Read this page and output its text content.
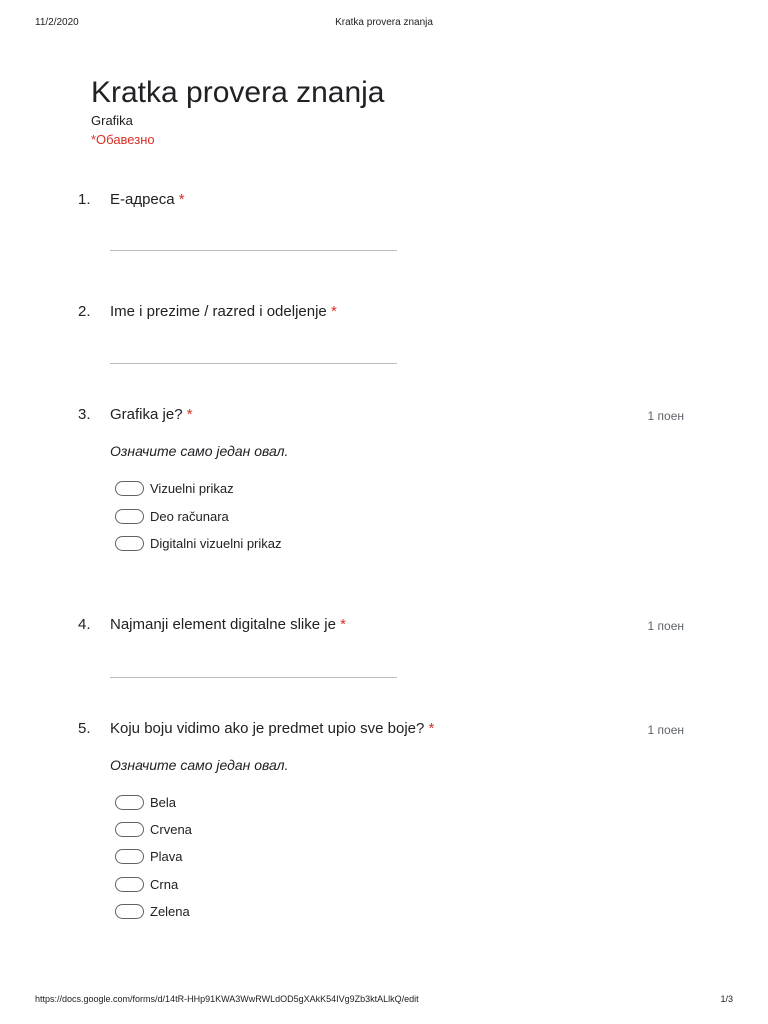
11/2/2020	Kratka provera znanja
Kratka provera znanja
Grafika
*Обавезно
1. Е-адреса *
2. Ime i prezime / razred i odeljenje *
3. Grafika je? *	1 поен
Означите само један овал.
Vizuelni prikaz
Deo računara
Digitalni vizuelni prikaz
4. Najmanji element digitalne slike je *	1 поен
5. Koju boju vidimo ako je predmet upio sve boje? *	1 поен
Означите само један овал.
Bela
Crvena
Plava
Crna
Zelena
https://docs.google.com/forms/d/14tR-HHp91KWA3WwRWLdOD5gXAkK54IVg9Zb3ktALlkQ/edit	1/3
